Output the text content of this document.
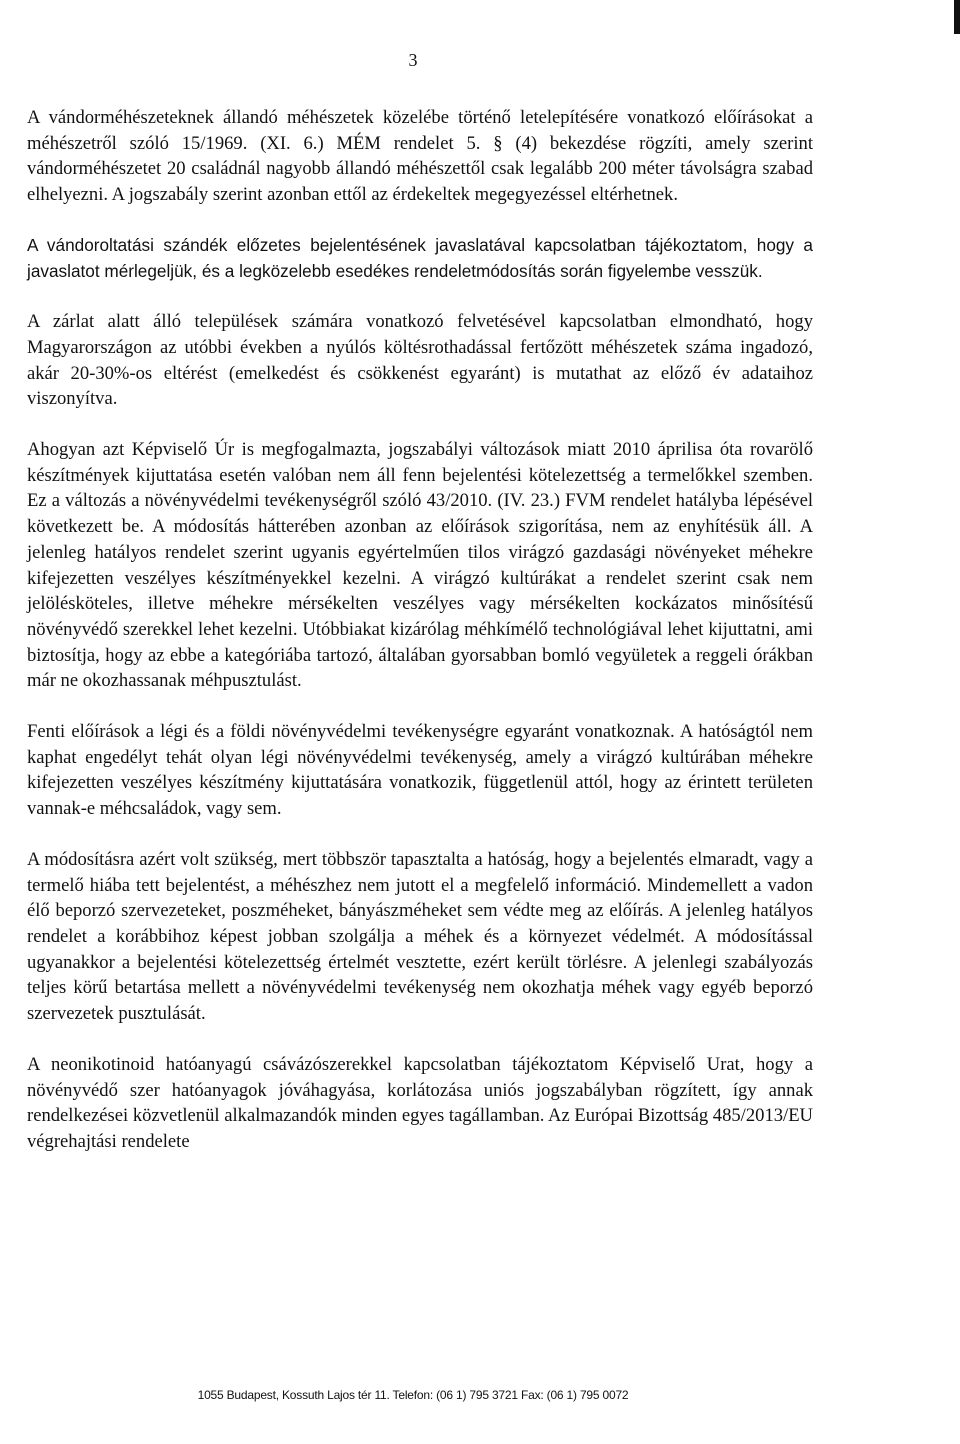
3

A vándorméhészeteknek állandó méhészetek közelébe történő letelepítésére vonatkozó előírásokat a méhészetről szóló 15/1969. (XI. 6.) MÉM rendelet 5. § (4) bekezdése rögzíti, amely szerint vándorméhészetet 20 családnál nagyobb állandó méhészettől csak legalább 200 méter távolságra szabad elhelyezni. A jogszabály szerint azonban ettől az érdekeltek megegyezéssel eltérhetnek.

A vándoroltatási szándék előzetes bejelentésének javaslatával kapcsolatban tájékoztatom, hogy a javaslatot mérlegeljük, és a legközelebb esedékes rendeletmódosítás során figyelembe vesszük.

A zárlat alatt álló települések számára vonatkozó felvetésével kapcsolatban elmondható, hogy Magyarországon az utóbbi években a nyúlós költésrothadással fertőzött méhészetek száma ingadozó, akár 20-30%-os eltérést (emelkedést és csökkenést egyaránt) is mutathat az előző év adataihoz viszonyítva.

Ahogyan azt Képviselő Úr is megfogalmazta, jogszabályi változások miatt 2010 áprilisa óta rovarölő készítmények kijuttatása esetén valóban nem áll fenn bejelentési kötelezettség a termelőkkel szemben. Ez a változás a növényvédelmi tevékenységről szóló 43/2010. (IV. 23.) FVM rendelet hatályba lépésével következett be. A módosítás hátterében azonban az előírások szigorítása, nem az enyhítésük áll. A jelenleg hatályos rendelet szerint ugyanis egyértelműen tilos virágzó gazdasági növényeket méhekre kifejezetten veszélyes készítményekkel kezelni. A virágzó kultúrákat a rendelet szerint csak nem jelölésköteles, illetve méhekre mérsékelten veszélyes vagy mérsékelten kockázatos minősítésű növényvédő szerekkel lehet kezelni. Utóbbiakat kizárólag méhkímélő technológiával lehet kijuttatni, ami biztosítja, hogy az ebbe a kategóriába tartozó, általában gyorsabban bomló vegyületek a reggeli órákban már ne okozhassanak méhpusztulást.

Fenti előírások a légi és a földi növényvédelmi tevékenységre egyaránt vonatkoznak. A hatóságtól nem kaphat engedélyt tehát olyan légi növényvédelmi tevékenység, amely a virágzó kultúrában méhekre kifejezetten veszélyes készítmény kijuttatására vonatkozik, függetlenül attól, hogy az érintett területen vannak-e méhcsaládok, vagy sem.

A módosításra azért volt szükség, mert többször tapasztalta a hatóság, hogy a bejelentés elmaradt, vagy a termelő hiába tett bejelentést, a méhészhez nem jutott el a megfelelő információ. Mindemellett a vadon élő beporzó szervezeteket, poszméheket, bányászméheket sem védte meg az előírás. A jelenleg hatályos rendelet a korábbihoz képest jobban szolgálja a méhek és a környezet védelmét. A módosítással ugyanakkor a bejelentési kötelezettség értelmét vesztette, ezért került törlésre. A jelenlegi szabályozás teljes körű betartása mellett a növényvédelmi tevékenység nem okozhatja méhek vagy egyéb beporzó szervezetek pusztulását.

A neonikotinoid hatóanyagú csávázószerekkel kapcsolatban tájékoztatom Képviselő Urat, hogy a növényvédő szer hatóanyagok jóváhagyása, korlátozása uniós jogszabályban rögzített, így annak rendelkezései közvetlenül alkalmazandók minden egyes tagállamban. Az Európai Bizottság 485/2013/EU végrehajtási rendelete

1055 Budapest, Kossuth Lajos tér 11. Telefon: (06 1) 795 3721 Fax: (06 1) 795 0072
